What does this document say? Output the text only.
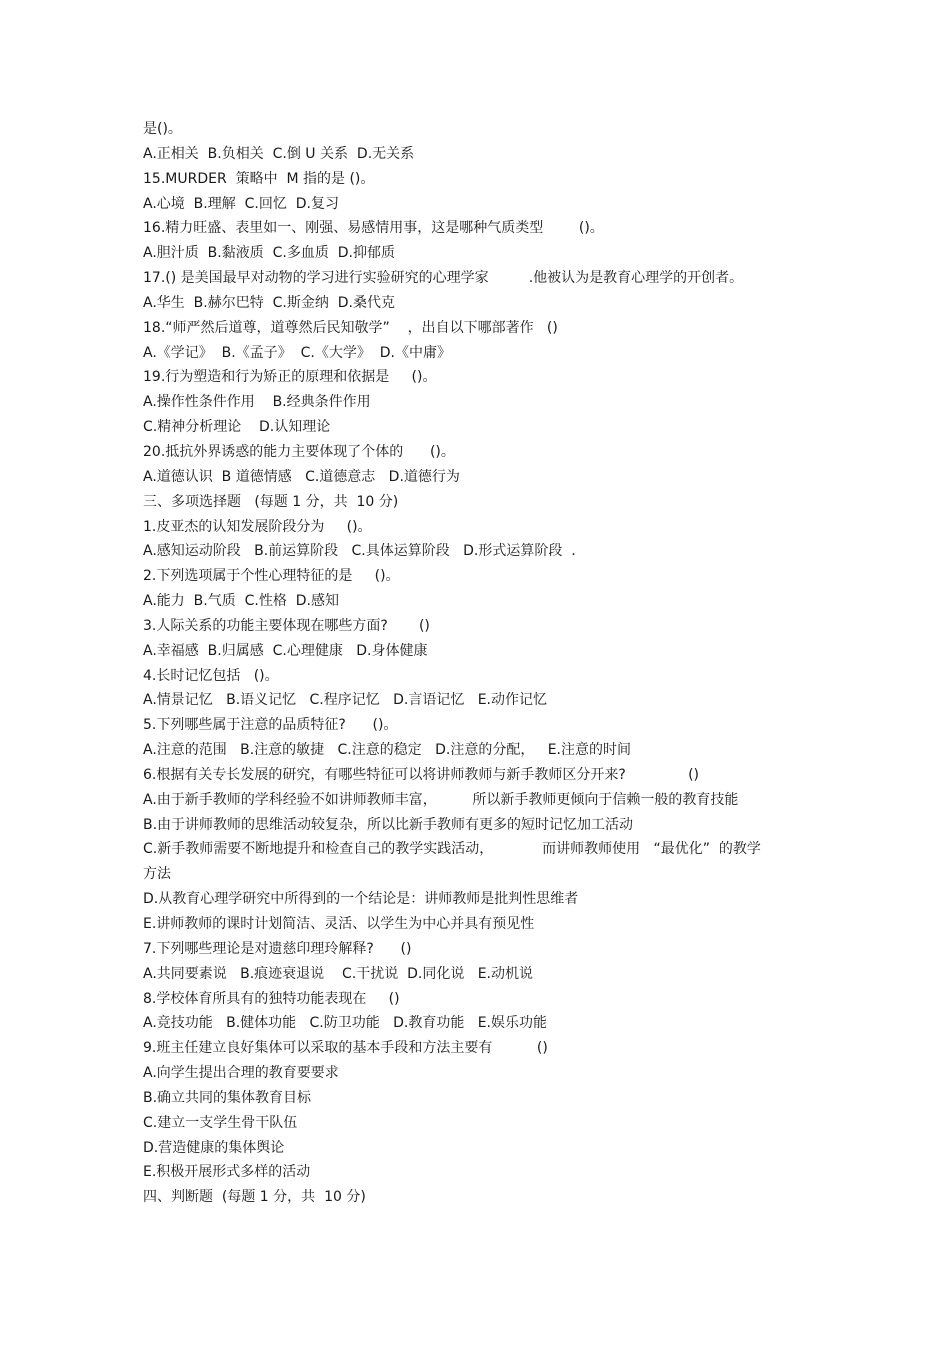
是()。
A.正相关  B.负相关  C.倒 U 关系  D.无关系
15.MURDER  策略中  M 指的是 ()。
A.心境  B.理解  C.回忆  D.复习
16.精力旺盛、表里如一、刚强、易感情用事，这是哪种气质类型        ()。
A.胆汁质  B.黏液质  C.多血质  D.抑郁质
17.() 是美国最早对动物的学习进行实验研究的心理学家         .他被认为是教育心理学的开创者。
A.华生  B.赫尔巴特  C.斯金纳  D.桑代克
18.“师严然后道尊，道尊然后民知敬学”    ，出自以下哪部著作   ()
A.《学记》  B.《孟子》  C.《大学》  D.《中庸》
19.行为塑造和行为矫正的原理和依据是     ()。
A.操作性条件作用    B.经典条件作用
C.精神分析理论    D.认知理论
20.抵抗外界诱惑的能力主要体现了个体的      ()。
A.道德认识  B 道德情感   C.道德意志   D.道德行为
三、多项选择题   (每题 1 分，共  10 分)
1.皮亚杰的认知发展阶段分为     ()。
A.感知运动阶段   B.前运算阶段   C.具体运算阶段   D.形式运算阶段  .
2.下列选项属于个性心理特征的是     ()。
A.能力  B.气质  C.性格  D.感知
3.人际关系的功能主要体现在哪些方面?       ()
A.幸福感  B.归属感  C.心理健康   D.身体健康
4.长时记忆包括   ()。
A.情景记忆   B.语义记忆   C.程序记忆   D.言语记忆   E.动作记忆
5.下列哪些属于注意的品质特征?      ()。
A.注意的范围   B.注意的敏捷   C.注意的稳定   D.注意的分配，   E.注意的时间
6.根据有关专长发展的研究，有哪些特征可以将讲师教师与新手教师区分开来?              ()
A.由于新手教师的学科经验不如讲师教师丰富，        所以新手教师更倾向于信赖一般的教育技能
B.由于讲师教师的思维活动较复杂，所以比新手教师有更多的短时记忆加工活动
C.新手教师需要不断地提升和检查自己的教学实践活动，           而讲师教师使用   “最优化”  的教学
方法
D.从教育心理学研究中所得到的一个结论是：讲师教师是批判性思维者
E.讲师教师的课时计划简洁、灵活、以学生为中心并具有预见性
7.下列哪些理论是对遗慈印理玲解释?      ()
A.共同要素说   B.痕迹衰退说    C.干扰说  D.同化说   E.动机说
8.学校体育所具有的独特功能表现在     ()
A.竞技功能   B.健体功能   C.防卫功能   D.教育功能   E.娱乐功能
9.班主任建立良好集体可以采取的基本手段和方法主要有          ()
A.向学生提出合理的教育要要求
B.确立共同的集体教育目标
C.建立一支学生骨干队伍
D.营造健康的集体舆论
E.积极开展形式多样的活动
四、判断题  (每题 1 分，共  10 分)
